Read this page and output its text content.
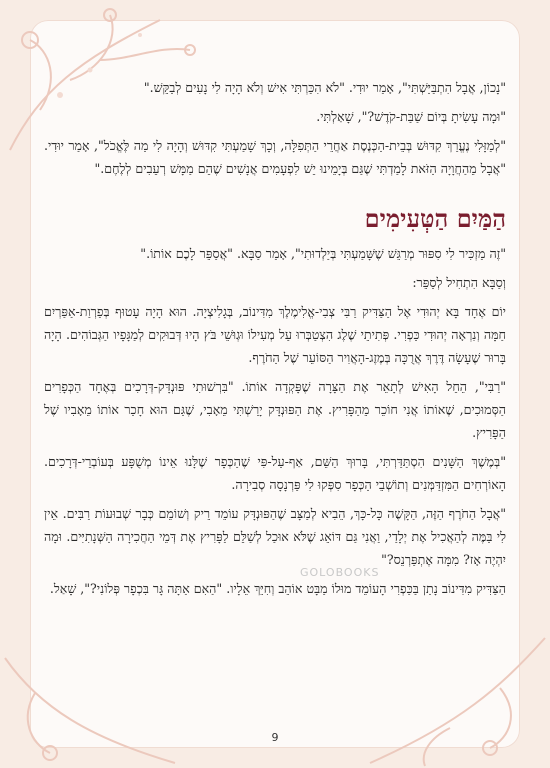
"נָכוֹן, אֲבָל הִתְבַּיַּשְׁתִּי", אָמַר יוּדִי. "לֹא הִכַּרְתִּי אִישׁ וְלֹא הָיָה לִי נָעִים לְבַקֵּשׁ."

"וּמָה עָשִׂיתָ בְּיוֹם שַׁבַּת-קֹדֶשׁ?", שָׁאַלְתִּי.

"לְמַזָּלִי נֶעֱרַךְ קִדּוּשׁ בְּבֵית-הַכְּנֶסֶת אַחֲרֵי הַתְּפִלָּה, וְכָךְ שָׁמַעְתִּי קִדּוּשׁ וְהָיָה לִי מַה לֶּאֱכֹל", אָמַר יוּדִי. "אֲבָל מֵהַחֲוָיָה הַזֹּאת לָמַדְתִּי שֶׁגַּם בְּיָמֵינוּ יֵשׁ לִפְעָמִים אֲנָשִׁים שֶׁהֵם מַמָּשׁ רְעֵבִים לְלֶחֶם."

הַמַּיִם הַטְּעִימִים

"זֶה מַזְכִּיר לִי סִפּוּר מְרַגֵּשׁ שֶׁשָּׁמַעְתִּי בְּיַלְדוּתִי", אָמַר סַבָּא. "אֲסַפֵּר לָכֶם אוֹתוֹ."

וְסַבָּא הִתְחִיל לְסַפֵּר:

יוֹם אֶחָד בָּא יְהוּדִי אֶל הַצַּדִּיק רַבִּי צְבִי-אֱלִימֶלֶךְ מִדִּינוֹב, בְּגָלִיצְיָה. הוּא הָיָה עָטוּף בְּפַרְוַת-אַפַּרְיִם חַמָּה וְנִרְאָה יְהוּדִי כַּפְרִי. פְּתִיתֵי שֶׁלֶג הִצְטַבְּרוּ עַל מְעִילוֹ וּגְוּשֵׁי בֹּץ הָיוּ דְּבוּקִים לְמַגָּפָיו הַגְּבוֹהִים. הָיָה בָּרוּר שֶׁעָשָׂה דֶּרֶךְ אֲרֻכָּה בְּמֶזֶג-הָאֲוִיר הַסּוֹעֵר שֶׁל הַחֹרֶף.

"רַבִּי", הֵחֵל הָאִישׁ לְתָאֵר אֶת הַצָּרָה שֶׁפָּקְדָה אוֹתוֹ. "בִּרְשׁוּתִי פּוּנְדָּק-דְּרָכִים בְּאֶחָד הַכְּפָרִים הַסְּמוּכִים, שֶׁאוֹתוֹ אֲנִי חוֹכֵר מֵהַפָּרִיץ. אֶת הַפּוּנְדָּק יָרַשְׁתִּי מֵאָבִי, שֶׁגַּם הוּא חָכַר אוֹתוֹ מֵאָבִיו שֶׁל הַפָּרִיץ.

"בְּמֶשֶׁךְ הַשָּׁנִים הִסְתַּדַּרְתִּי, בָּרוּךְ הַשֵּׁם, אַף-עַל-פִּי שֶׁהַכְּפָר שֶׁלָּנוּ אֵינוֹ מְשֻׁפָּע בְּעוֹבְרֵי-דְּרָכִים. הָאוֹרְחִים הַמִּזְדַּמְּנִים וְתוֹשְׁבֵי הַכְּפָר סִפְּקוּ לִי פַּרְנָסָה סְבִירָה.

"אֲבָל הַחֹרֶף הַזֶּה, הַקָּשֶׁה כָּל-כָּךְ, הֵבִיא לְמַצָּב שֶׁהַפּוּנְדָּק עוֹמֵד רֵיק וְשׁוֹמֵם כְּבָר שְׁבוּעוֹת רַבִּים. אֵין לִי בַּמֶּה לְהַאֲכִיל אֶת יְלָדַי, וַאֲנִי גַּם דּוֹאֵג שֶׁלֹּא אוּכַל לְשַׁלֵּם לַפָּרִיץ אֶת דְּמֵי הַחֲכִירָה הַשְּׁנָתִיִּים. וּמָה יִהְיֶה אָז? מִמָּה אֶתְפַּרְנֵס?"

הַצַּדִּיק מִדִּינוֹב נָתַן בַּכַּפְרִי הָעוֹמֵד מוּלוֹ מַבָּט אוֹהֵב וְחִיֵּךְ אֵלָיו. "הַאִם אַתָּה גָּר בִּכְפָר פְּלוֹנִי?", שָׁאַל.

GOLOBOOKS
9
